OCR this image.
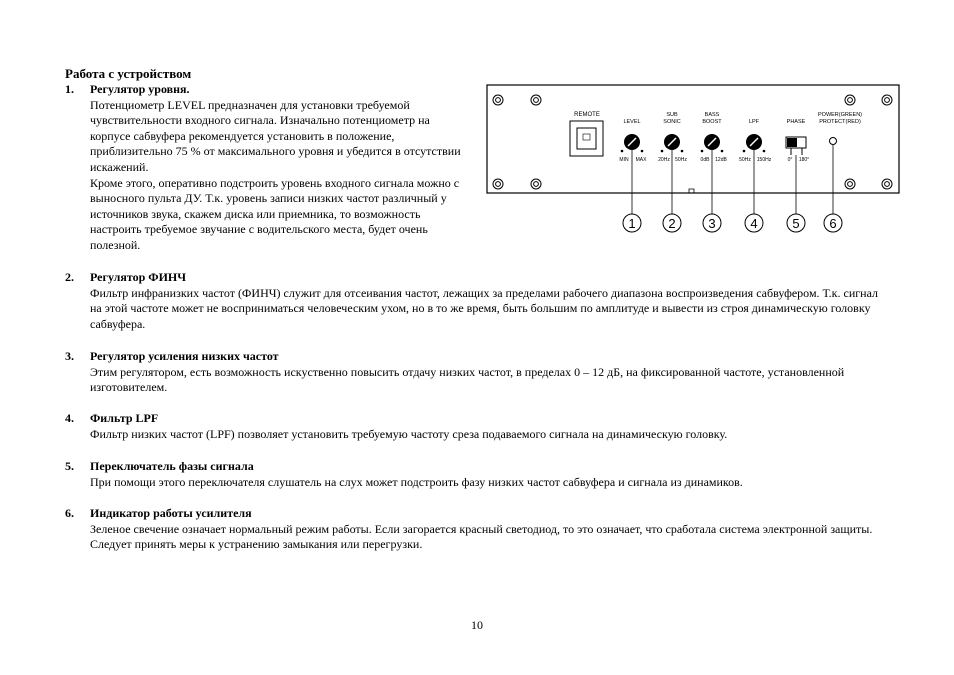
Работа с устройством
1. Регулятор уровня.

Потенциометр LEVEL предназначен для установки требуемой чувствительности входного сигнала. Изначально потенциометр на корпусе сабвуфера рекомендуется установить в положение, приблизительно 75 % от максимального уровня и убедится в отсутствии искажений.

Кроме этого, оперативно подстроить уровень входного сигнала можно с выносного пульта ДУ. Т.к. уровень записи низких частот различный у источников звука, скажем диска или приемника, то возможность настроить требуемое звучание с водительского места, будет очень полезной.

2. Регулятор ФИНЧ

Фильтр инфранизких частот (ФИНЧ) служит для отсеивания частот, лежащих за пределами рабочего диапазона воспроизведения сабвуфером. Т.к. сигнал на этой частоте может не восприниматься человеческим ухом, но в то же время, быть большим по амплитуде и вывести из строя динамическую головку сабвуфера.

3. Регулятор усиления низких частот

Этим регулятором, есть возможность искуственно повысить отдачу низких частот, в пределах 0 – 12 дБ, на фиксированной частоте, установленной изготовителем.

4. Фильтр LPF

Фильтр низких частот (LPF) позволяет установить требуемую частоту среза подаваемого сигнала на динамическую головку.

5. Переключатель фазы сигнала

При помощи этого переключателя слушатель на слух может подстроить фазу низких частот сабвуфера и сигнала из динамиков.

6. Индикатор работы усилителя

Зеленое свечение означает нормальный режим работы. Если загорается красный светодиод, то это означает, что сработала система электронной защиты. Следует принять меры к устранению замыкания или перегрузки.

REMOTE
LEVEL
SUB
SONIC
BASS
BOOST	LPF	PHASE
POWER(GREEN)
PROTECT(RED)
MIN MAX 20Hz 50Hz	0dB 12dB 50Hz 150Hz	0° 180°
1	2	3	4	5 6
10
